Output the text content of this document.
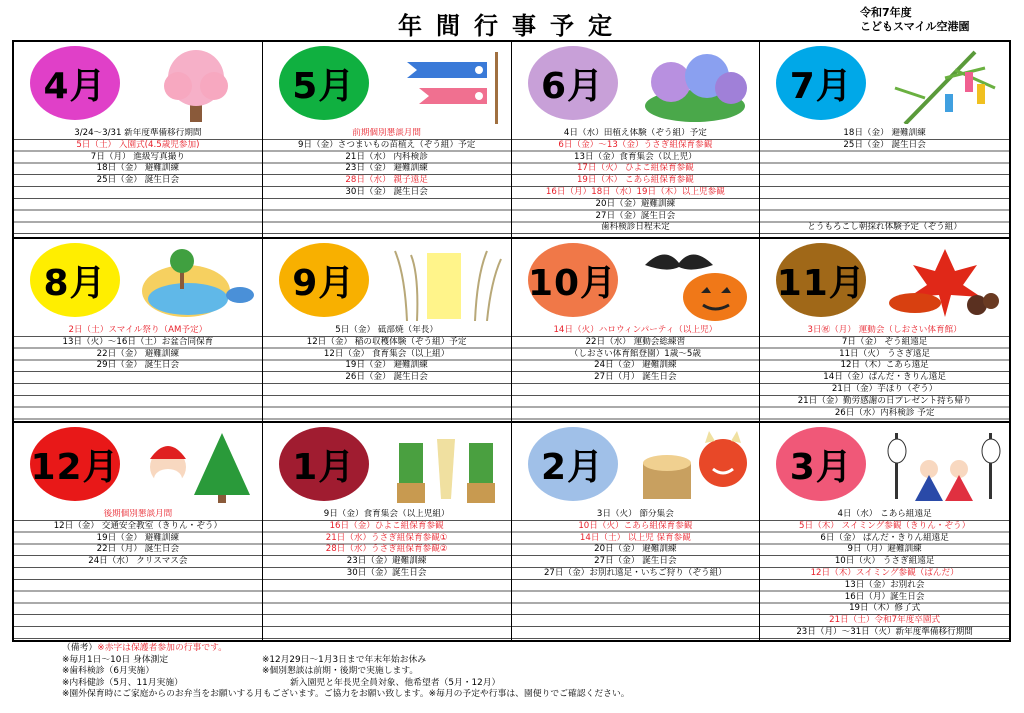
年間行事予定	令和7年度
こどもスマイル空港園
4月
3/24～3/31 新年度準備移行期間
5日（土） 入園式(4.5歳児参加)
7日（月） 進級写真撮り
18日（金） 避難訓練
25日（金） 誕生日会
5月
前期個別懇談月間
9日（金）さつまいもの苗植え（ぞう組）予定
21日（水） 内科検診
23日（金） 避難訓練
28日（水） 親子遠足
30日（金） 誕生日会
6月
4日（水）田植え体験（ぞう組）予定
6日（金）～13（金）うさぎ組保育参観
13日（金）食育集会（以上児）
17日（火） ひよこ組保育参観
19日（木） こあら組保育参観
16日（月）18日（水）19日（木）以上児参観
20日（金）避難訓練
27日（金）誕生日会
歯科検診日程未定
7月
18日（金） 避難訓練
25日（金） 誕生日会
とうもろこし朝採れ体験予定（ぞう組）
8月
2日（土）スマイル祭り（AM予定）
13日（火）～16日（土）お盆合同保育
22日（金） 避難訓練
29日（金） 誕生日会
9月
5日（金） 砥部焼（年長）
12日（金） 稲の収穫体験（ぞう組）予定
12日（金） 食育集会（以上組）
19日（金） 避難訓練
26日（金） 誕生日会
10月
14日（火）ハロウィンパーティ（以上児）
22日（水） 運動会総練習
（しおさい体育館登園）1歳～5歳
24日（金） 避難訓練
27日（月） 誕生日会
11月
3日㊗（月） 運動会（しおさい体育館）
7日（金） ぞう組遠足
11日（火） うさぎ遠足
12日（木）こあら遠足
14日（金）ぱんだ・きりん遠足
21日（金）芋ほり（ぞう）
21日（金）勤労感謝の日プレゼント持ち帰り
26日（水）内科検診 予定
12月
後期個別懇談月間
12日（金） 交通安全教室（きりん・ぞう）
19日（金） 避難訓練
22日（月） 誕生日会
24日（水） クリスマス会
1月
9日（金）食育集会（以上児組）
16日（金）ひよこ組保育参観
21日（水）うさぎ組保育参観①
28日（水）うさぎ組保育参観②
23日（金）避難訓練
30日（金）誕生日会
2月
3日（火） 節分集会
10日（火）こあら組保育参観
14日（土） 以上児 保育参観
20日（金） 避難訓練
27日（金） 誕生日会
27日（金）お別れ遠足・いちご狩り（ぞう組）
3月
4日（水） こあら組遠足
5日（木） スイミング参観（きりん・ぞう）
6日（金） ぱんだ・きりん組遠足
9日（月）避難訓練
10日（火） うさぎ組遠足
12日（木）スイミング参観（ぱんだ）
13日（金）お別れ会
16日（月）誕生日会
19日（木）修了式
21日（土）令和7年度卒園式
23日（月）～31日（火）新年度準備移行期間
（備考）※赤字は保護者参加の行事です。
※毎月1日～10日 身体測定	※12月29日～1月3日まで年末年始お休み
※歯科検診（6月実施）	※個別懇談は前期・後期で実施します。
※内科健診（5月、11月実施）	新入園児と年長児全員対象、他希望者（5月・12月）
※園外保育時にご家庭からのお弁当をお願いする月もございます。ご協力をお願い致します。※毎月の予定や行事は、園便りでご確認ください。
